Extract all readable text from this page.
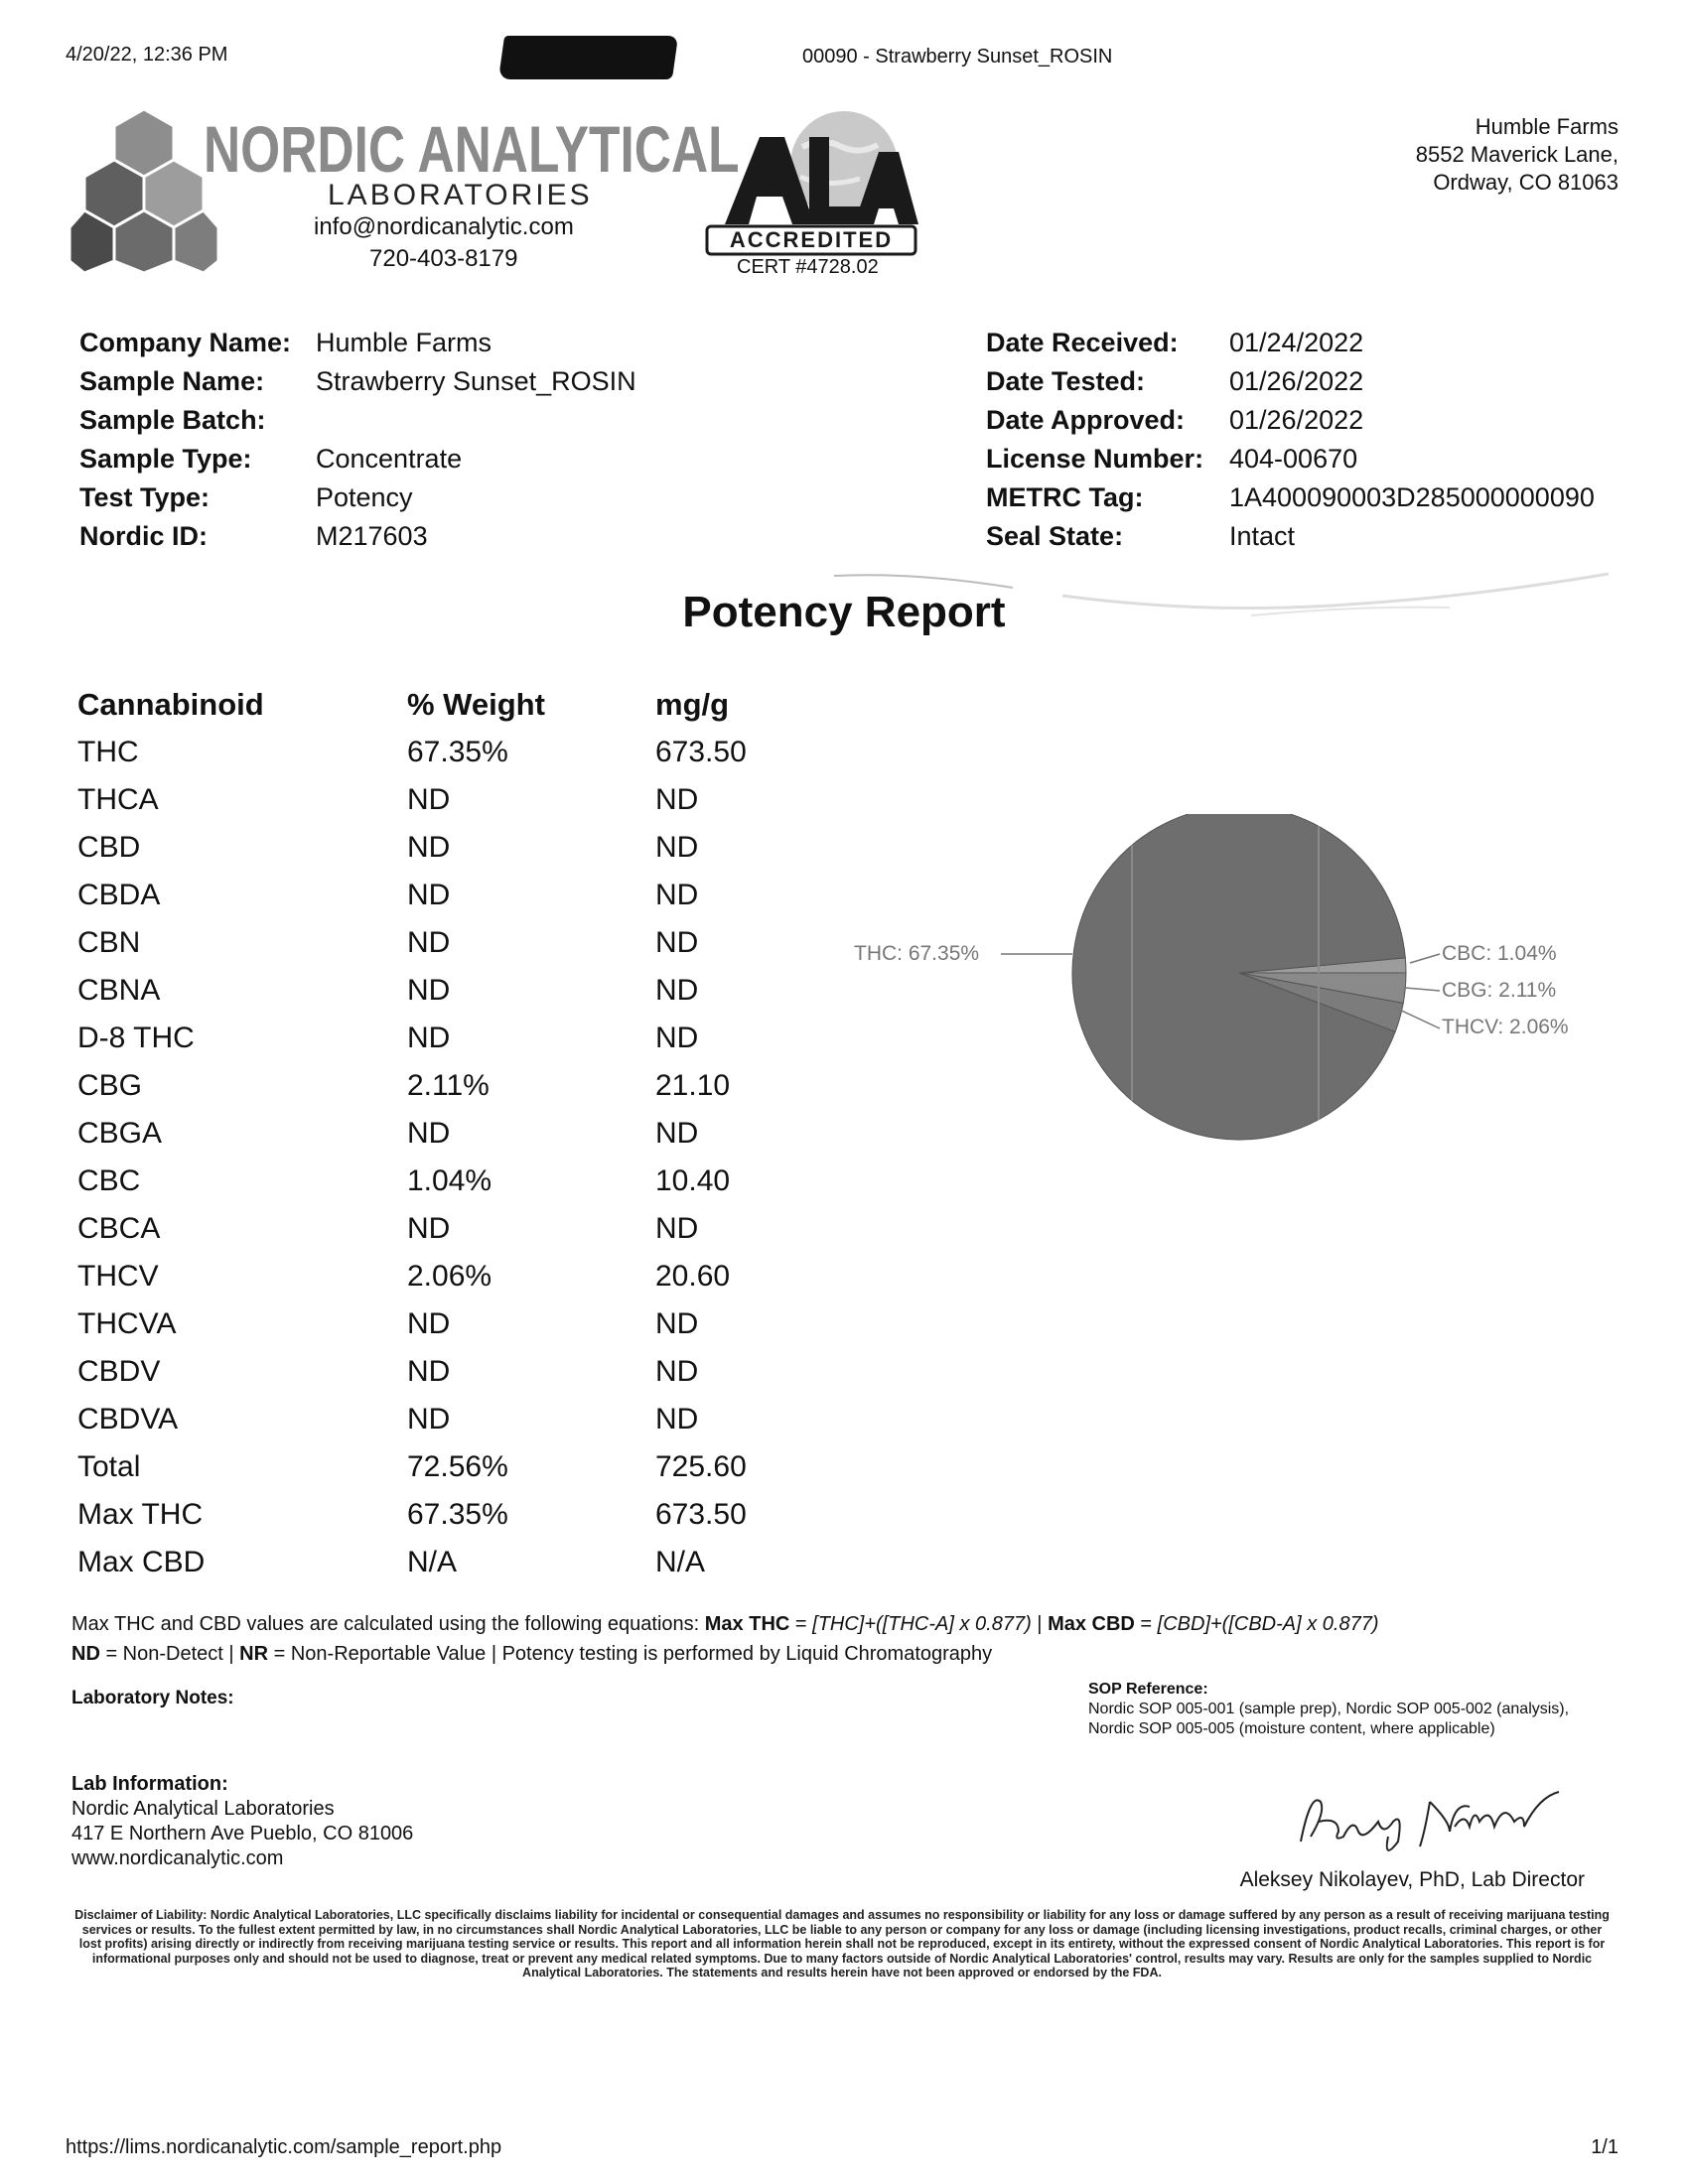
4/20/22, 12:36 PM	00090 - Strawberry Sunset_ROSIN
NORDIC ANALYTICAL
LABORATORIES
info@nordicanalytic.com
720-403-8179
ACCREDITED
CERT #4728.02
Humble Farms
8552 Maverick Lane,
Ordway, CO 81063
Company Name: Humble Farms
Sample Name:	Strawberry Sunset_ROSIN
Sample Batch:
Sample Type:	Concentrate
Test Type:	Potency
Nordic ID:	M217603
Date Received:	01/24/2022
Date Tested:	01/26/2022
Date Approved:	01/26/2022
License Number: 404-00670
METRC Tag:	1A400090003D285000000090
Seal State:	Intact
Potency Report
Cannabinoid	% Weight	mg/g
THC	67.35%	673.50
THCA	ND	ND
CBD	ND	ND
CBDA	ND	ND
CBN	ND	ND
CBNA	ND	ND
D-8 THC	ND	ND
CBG	2.11%	21.10
CBGA	ND	ND
CBC	1.04%	10.40
CBCA	ND	ND
THCV	2.06%	20.60
THCVA	ND	ND
CBDV	ND	ND
CBDVA	ND	ND
Total	72.56%	725.60
Max THC	67.35%	673.50
Max CBD	N/A	N/A
THC: 67.35%	CBC: 1.04%
CBG: 2.11%
THCV: 2.06%
Max THC and CBD values are calculated using the following equations: Max THC = [THC]+([THC-A] x 0.877) | Max CBD = [CBD]+([CBD-A] x 0.877)
ND = Non-Detect | NR = Non-Reportable Value | Potency testing is performed by Liquid Chromatography
Laboratory Notes:	SOP Reference:
Nordic SOP 005-001 (sample prep), Nordic SOP 005-002 (analysis), Nordic SOP 005-005 (moisture content, where applicable)
Lab Information:
Nordic Analytical Laboratories
417 E Northern Ave Pueblo, CO 81006
www.nordicanalytic.com
Aleksey Nikolayev, PhD, Lab Director
Disclaimer of Liability: Nordic Analytical Laboratories, LLC specifically disclaims liability for incidental or consequential damages and assumes no responsibility or liability for any loss or damage suffered by any person as a result of receiving marijuana testing services or results. To the fullest extent permitted by law, in no circumstances shall Nordic Analytical Laboratories, LLC be liable to any person or company for any loss or damage (including licensing investigations, product recalls, criminal charges, or other lost profits) arising directly or indirectly from receiving marijuana testing service or results. This report and all information herein shall not be reproduced, except in its entirety, without the expressed consent of Nordic Analytical Laboratories. This report is for informational purposes only and should not be used to diagnose, treat or prevent any medical related symptoms. Due to many factors outside of Nordic Analytical Laboratories' control, results may vary. Results are only for the samples supplied to Nordic Analytical Laboratories. The statements and results herein have not been approved or endorsed by the FDA.
https://lims.nordicanalytic.com/sample_report.php	1/1
